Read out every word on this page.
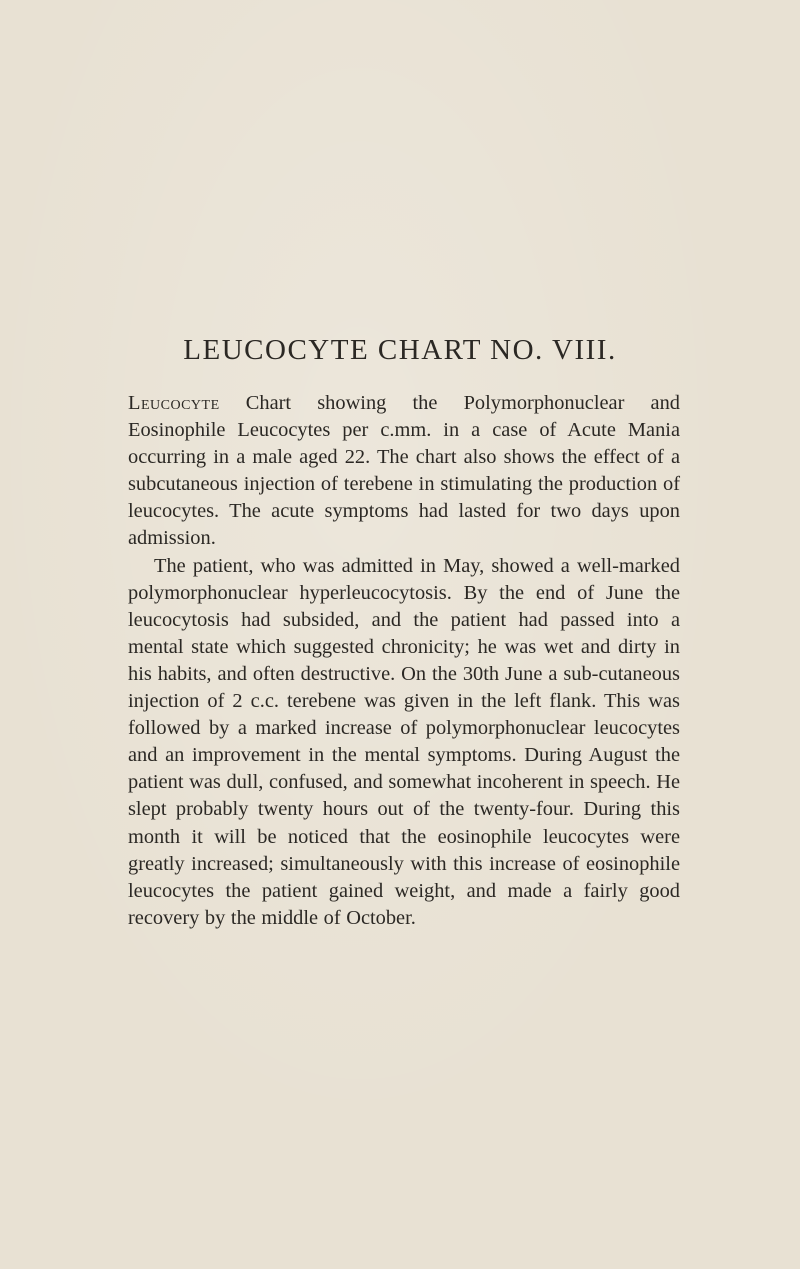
LEUCOCYTE CHART NO. VIII.

Leucocyte Chart showing the Polymorphonuclear and Eosinophile Leucocytes per c.mm. in a case of Acute Mania occurring in a male aged 22. The chart also shows the effect of a subcutaneous injection of terebene in stimulating the production of leucocytes. The acute symptoms had lasted for two days upon admission.

The patient, who was admitted in May, showed a well-marked polymorphonuclear hyperleucocytosis. By the end of June the leucocytosis had subsided, and the patient had passed into a mental state which suggested chronicity; he was wet and dirty in his habits, and often destructive. On the 30th June a sub-cutaneous injection of 2 c.c. terebene was given in the left flank. This was followed by a marked increase of polymorphonuclear leucocytes and an improvement in the mental symptoms. During August the patient was dull, confused, and somewhat incoherent in speech. He slept probably twenty hours out of the twenty-four. During this month it will be noticed that the eosinophile leucocytes were greatly increased; simultaneously with this increase of eosinophile leucocytes the patient gained weight, and made a fairly good recovery by the middle of October.
